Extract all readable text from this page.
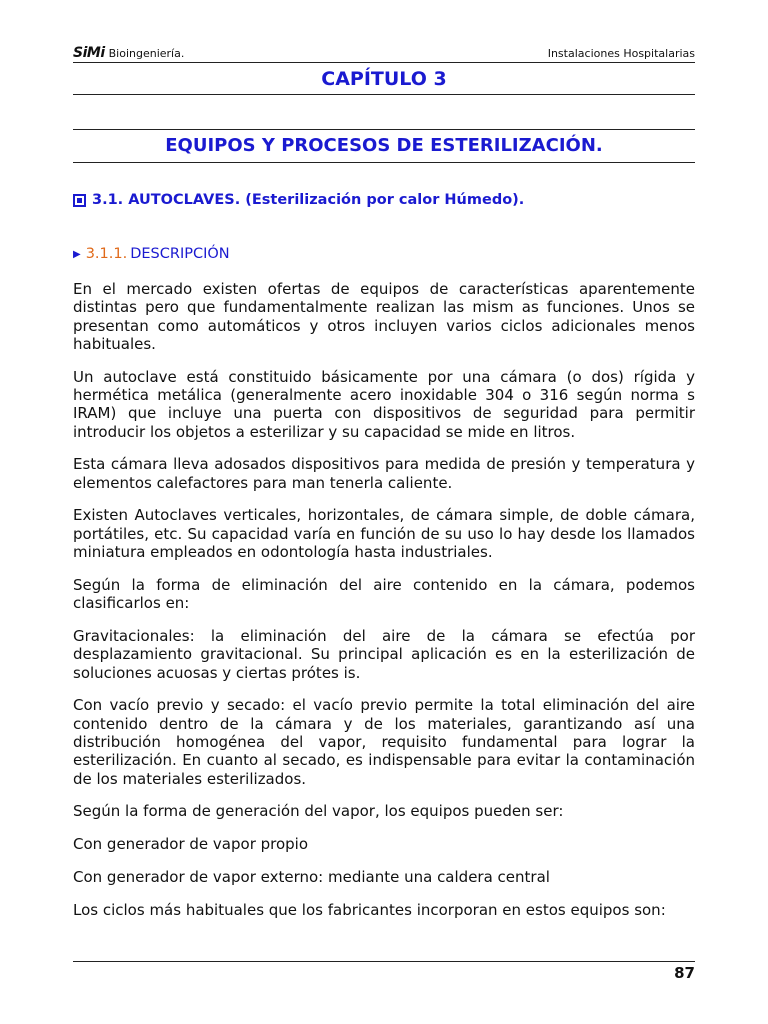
SiMi Bioingeniería.	Instalaciones Hospitalarias
CAPÍTULO 3
EQUIPOS Y PROCESOS DE ESTERILIZACIÓN.
3.1. AUTOCLAVES. (Esterilización por calor Húmedo).
▶ 3.1.1. DESCRIPCIÓN

En el mercado existen ofertas de equipos de características aparentemente distintas pero que fundamentalmente realizan las mism as funciones. Unos se presentan como automáticos y otros incluyen varios ciclos adicionales menos habituales.

Un autoclave está constituido básicamente por una cámara (o dos) rígida y hermética metálica (generalmente acero inoxidable 304 o 316 según norma s IRAM) que incluye una puerta con dispositivos de seguridad para permitir introducir los objetos a esterilizar y su capacidad se mide en litros.

Esta cámara lleva adosados dispositivos para medida de presión y temperatura y elementos calefactores para man tenerla caliente.

Existen Autoclaves verticales, horizontales, de cámara simple, de doble cámara, portátiles, etc. Su capacidad varía en función de su uso lo hay desde los llamados miniatura empleados en odontología hasta industriales.

Según la forma de eliminación del aire contenido en la cámara, podemos clasificarlos en:

Gravitacionales: la eliminación del aire de la cámara se efectúa por desplazamiento gravitacional. Su principal aplicación es en la esterilización de soluciones acuosas y ciertas prótes is.

Con vacío previo y secado: el vacío previo permite la total eliminación del aire contenido dentro de la cámara y de los materiales, garantizando así una distribución homogénea del vapor, requisito fundamental para lograr la esterilización. En cuanto al secado, es indispensable para evitar la contaminación de los materiales esterilizados.

Según la forma de generación del vapor, los equipos pueden ser:

Con generador de vapor propio

Con generador de vapor externo: mediante una caldera central

Los ciclos más habituales que los fabricantes incorporan en estos equipos son:

87
